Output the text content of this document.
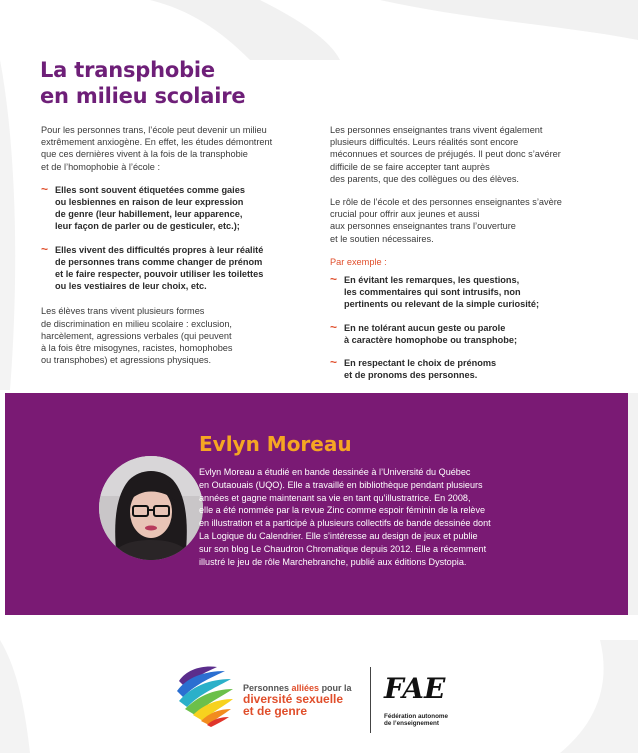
La transphobie
en milieu scolaire
Pour les personnes trans, l’école peut devenir un milieu
extrêmement anxiogène. En effet, les études démontrent
que ces dernières vivent à la fois de la transphobie
et de l’homophobie à l’école :
~ Elles sont souvent étiquetées comme gaies
ou lesbiennes en raison de leur expression
de genre (leur habillement, leur apparence,
leur façon de parler ou de gesticuler, etc.);
~ Elles vivent des difficultés propres à leur réalité
de personnes trans comme changer de prénom
et le faire respecter, pouvoir utiliser les toilettes
ou les vestiaires de leur choix, etc.
Les élèves trans vivent plusieurs formes
de discrimination en milieu scolaire : exclusion,
harcèlement, agressions verbales (qui peuvent
à la fois être misogynes, racistes, homophobes
ou transphobes) et agressions physiques.
Les personnes enseignantes trans vivent également
plusieurs difficultés. Leurs réalités sont encore
méconnues et sources de préjugés. Il peut donc s’avérer
difficile de se faire accepter tant auprès
des parents, que des collègues ou des élèves.
Le rôle de l’école et des personnes enseignantes s’avère
crucial pour offrir aux jeunes et aussi
aux personnes enseignantes trans l’ouverture
et le soutien nécessaires.
Par exemple :
~ En évitant les remarques, les questions,
les commentaires qui sont intrusifs, non
pertinents ou relevant de la simple curiosité;
~ En ne tolérant aucun geste ou parole
à caractère homophobe ou transphobe;
~ En respectant le choix de prénoms
et de pronoms des personnes.
Evlyn Moreau
Evlyn Moreau a étudié en bande dessinée à l’Université du Québec
en Outaouais (UQO). Elle a travaillé en bibliothèque pendant plusieurs
années et gagne maintenant sa vie en tant qu’illustratrice. En 2008,
elle a été nommée par la revue Zinc comme espoir féminin de la relève
en illustration et a participé à plusieurs collectifs de bande dessinée dont
La Logique du Calendrier. Elle s’intéresse au design de jeux et publie
sur son blog Le Chaudron Chromatique depuis 2012. Elle a récemment
illustré le jeu de rôle Marchebranche, publié aux éditions Dystopia.
Personnes alliées pour la
diversité sexuelle
et de genre
FAE
Fédération autonome
de l’enseignement
